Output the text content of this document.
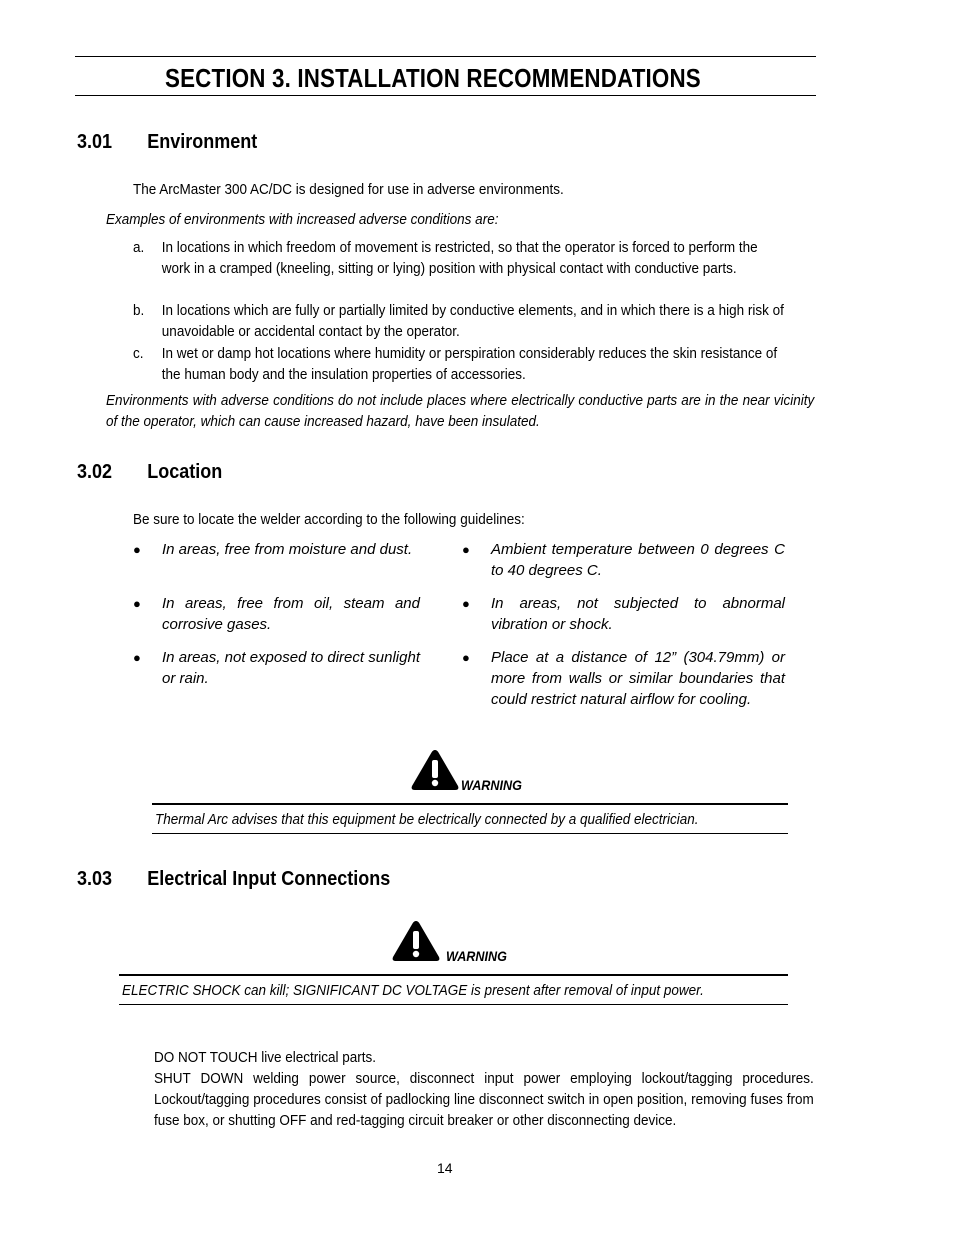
SECTION 3. INSTALLATION RECOMMENDATIONS
3.01 Environment
The ArcMaster 300 AC/DC is designed for use in adverse environments.
Examples of environments with increased adverse conditions are:
a. In locations in which freedom of movement is restricted, so that the operator is forced to perform the work in a cramped (kneeling, sitting or lying) position with physical contact with conductive parts.
b. In locations which are fully or partially limited by conductive elements, and in which there is a high risk of unavoidable or accidental contact by the operator.
c. In wet or damp hot locations where humidity or perspiration considerably reduces the skin resistance of the human body and the insulation properties of accessories.
Environments with adverse conditions do not include places where electrically conductive parts are in the near vicinity of the operator, which can cause increased hazard, have been insulated.
3.02 Location
Be sure to locate the welder according to the following guidelines:
● In areas, free from moisture and dust.
● In areas, free from oil, steam and corrosive gases.
● In areas, not exposed to direct sunlight or rain.
● Ambient temperature between 0 degrees C to 40 degrees C.
● In areas, not subjected to abnormal vibration or shock.
● Place at a distance of 12” (304.79mm) or more from walls or similar boundaries that could restrict natural airflow for cooling.
WARNING
Thermal Arc advises that this equipment be electrically connected by a qualified electrician.
3.03 Electrical Input Connections
WARNING
ELECTRIC SHOCK can kill; SIGNIFICANT DC VOLTAGE is present after removal of input power.
DO NOT TOUCH live electrical parts.
SHUT DOWN welding power source, disconnect input power employing lockout/tagging procedures. Lockout/tagging procedures consist of padlocking line disconnect switch in open position, removing fuses from fuse box, or shutting OFF and red-tagging circuit breaker or other disconnecting device.
14
